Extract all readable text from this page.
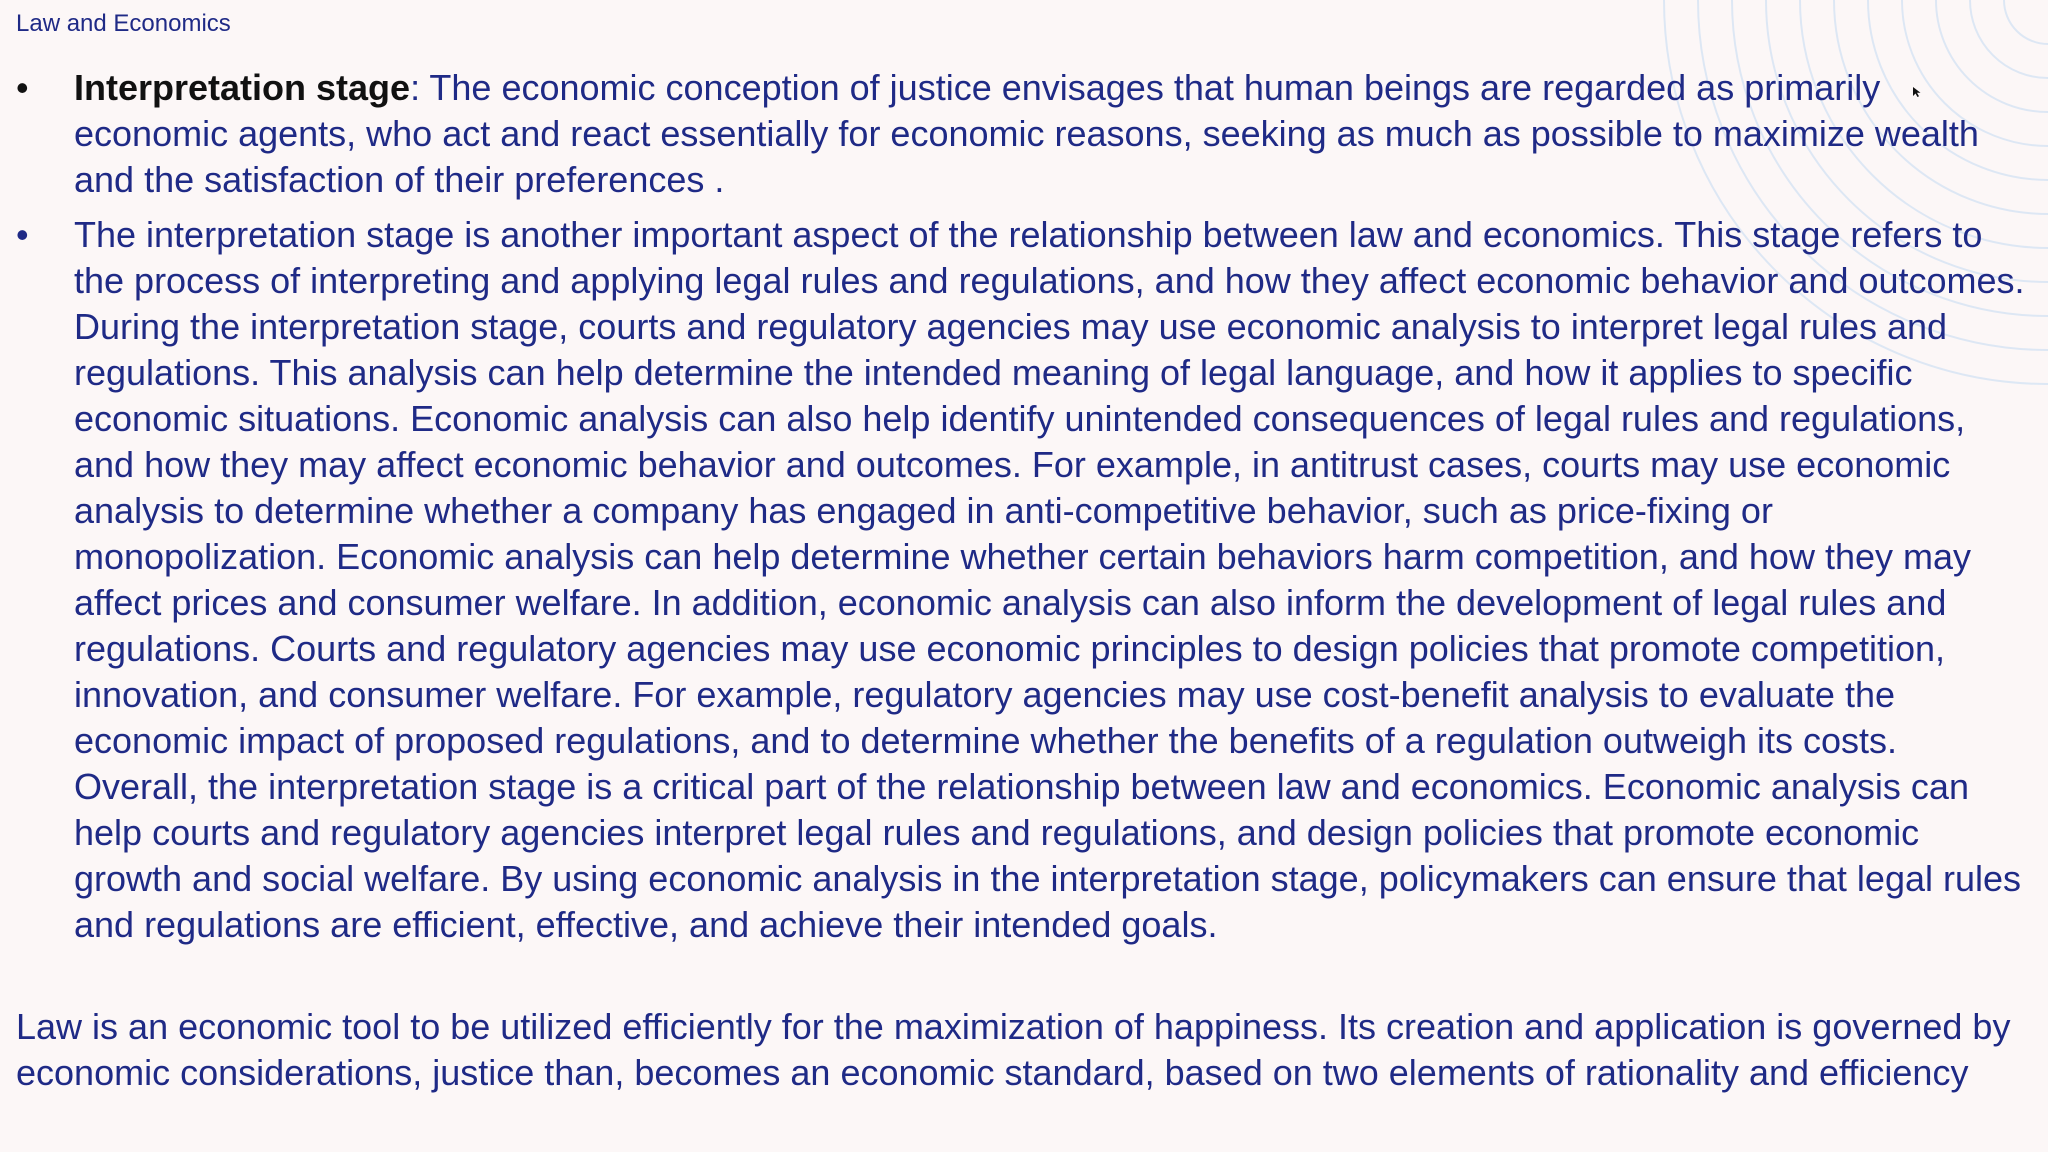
Law and Economics
•	Interpretation stage: The economic conception of justice envisages that human beings are regarded as primarily economic agents, who act and react essentially for economic reasons, seeking as much as possible to maximize wealth and the satisfaction of their preferences .
•	The interpretation stage is another important aspect of the relationship between law and economics. This stage refers to the process of interpreting and applying legal rules and regulations, and how they affect economic behavior and outcomes. During the interpretation stage, courts and regulatory agencies may use economic analysis to interpret legal rules and regulations. This analysis can help determine the intended meaning of legal language, and how it applies to specific economic situations. Economic analysis can also help identify unintended consequences of legal rules and regulations, and how they may affect economic behavior and outcomes. For example, in antitrust cases, courts may use economic analysis to determine whether a company has engaged in anti-competitive behavior, such as price-fixing or monopolization. Economic analysis can help determine whether certain behaviors harm competition, and how they may affect prices and consumer welfare. In addition, economic analysis can also inform the development of legal rules and regulations. Courts and regulatory agencies may use economic principles to design policies that promote competition, innovation, and consumer welfare. For example, regulatory agencies may use cost-benefit analysis to evaluate the economic impact of proposed regulations, and to determine whether the benefits of a regulation outweigh its costs. Overall, the interpretation stage is a critical part of the relationship between law and economics. Economic analysis can help courts and regulatory agencies interpret legal rules and regulations, and design policies that promote economic growth and social welfare. By using economic analysis in the interpretation stage, policymakers can ensure that legal rules and regulations are efficient, effective, and achieve their intended goals.

Law is an economic tool to be utilized efficiently for the maximization of happiness. Its creation and application is governed by economic considerations, justice than, becomes an economic standard, based on two elements of rationality and efficiency
